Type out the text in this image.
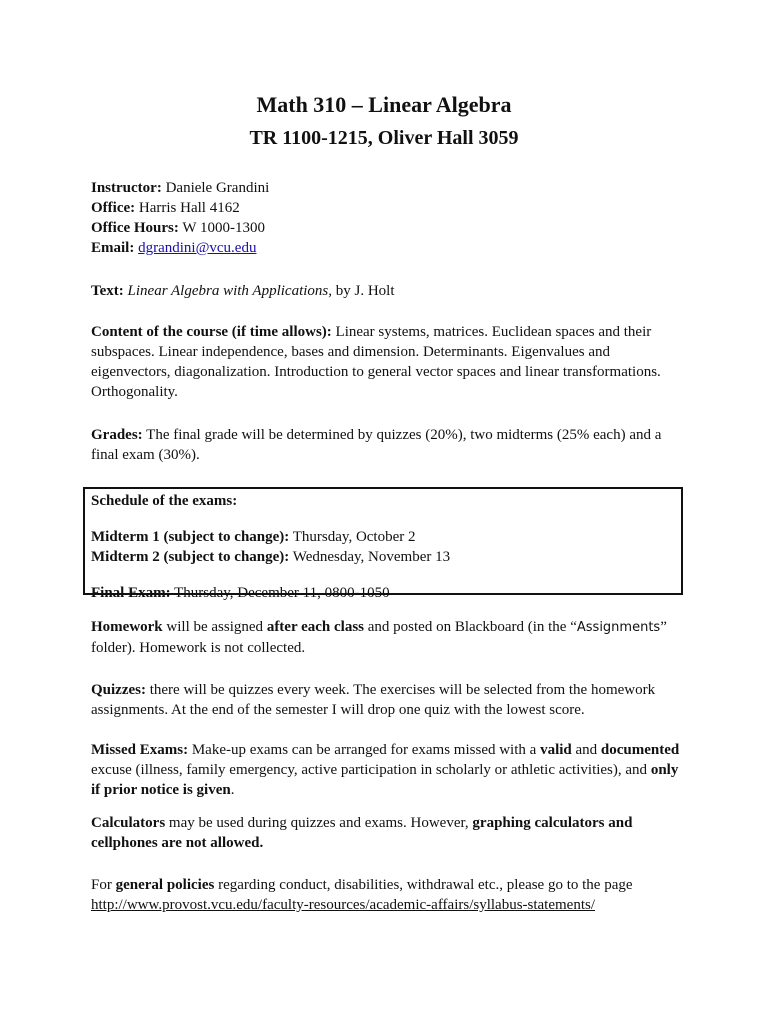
Math 310 – Linear Algebra
TR 1100-1215, Oliver Hall 3059

Instructor: Daniele Grandini

Office: Harris Hall 4162

Office Hours: W 1000-1300

Email: dgrandini@vcu.edu

Text: Linear Algebra with Applications, by J. Holt

Content of the course (if time allows): Linear systems, matrices. Euclidean spaces and their subspaces. Linear independence, bases and dimension. Determinants. Eigenvalues and eigenvectors, diagonalization. Introduction to general vector spaces and linear transformations. Orthogonality.

Grades: The final grade will be determined by quizzes (20%), two midterms (25% each) and a final exam (30%).

Schedule of the exams:

Midterm 1 (subject to change): Thursday, October 2

Midterm 2 (subject to change): Wednesday, November 13

Final Exam: Thursday, December 11, 0800-1050

Homework will be assigned after each class and posted on Blackboard (in the “Assignments” folder). Homework is not collected.

Quizzes: there will be quizzes every week. The exercises will be selected from the homework assignments. At the end of the semester I will drop one quiz with the lowest score.

Missed Exams: Make-up exams can be arranged for exams missed with a valid and documented excuse (illness, family emergency, active participation in scholarly or athletic activities), and only if prior notice is given.

Calculators may be used during quizzes and exams. However, graphing calculators and cellphones are not allowed.

For general policies regarding conduct, disabilities, withdrawal etc., please go to the page http://www.provost.vcu.edu/faculty-resources/academic-affairs/syllabus-statements/
